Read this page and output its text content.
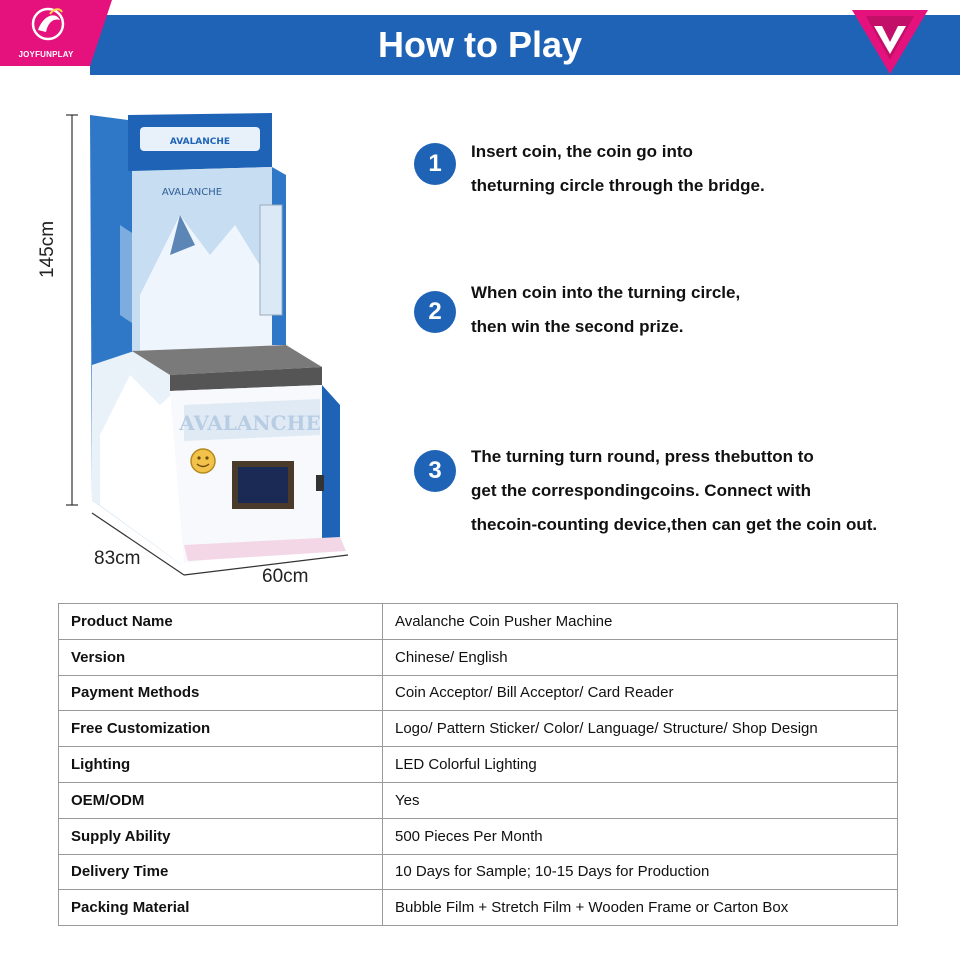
How to Play
JOYFUNPLAY
AVALANCHE
AVALANCHE
AVALANCHE
145cm
83cm
60cm
1	Insert coin, the coin go into
theturning circle through the bridge.
2
When coin into the turning circle,
then win the second prize.
3
The turning turn round, press thebutton to
get the correspondingcoins. Connect with
thecoin-counting device,then can get the coin out.
Product Name	Avalanche Coin Pusher Machine
Version	Chinese/ English
Payment Methods	Coin Acceptor/ Bill Acceptor/ Card Reader
Free Customization	Logo/ Pattern Sticker/ Color/ Language/ Structure/ Shop Design
Lighting	LED Colorful Lighting
OEM/ODM	Yes
Supply Ability	500 Pieces Per Month
Delivery Time	10 Days for Sample; 10-15 Days for Production
Packing Material	Bubble Film + Stretch Film + Wooden Frame or Carton Box
